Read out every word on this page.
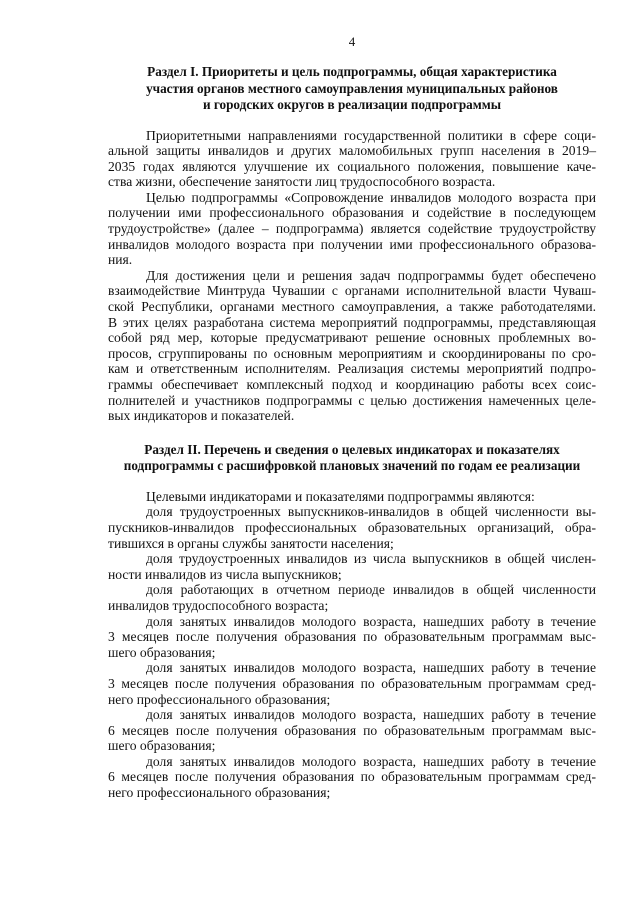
4
Раздел I. Приоритеты и цель подпрограммы, общая характеристика
участия органов местного самоуправления муниципальных районов
и городских округов в реализации подпрограммы

Приоритетными направлениями государственной политики в сфере соци-
альной защиты инвалидов и других маломобильных групп населения в 2019–
2035 годах являются улучшение их социального положения, повышение каче-
ства жизни, обеспечение занятости лиц трудоспособного возраста.

Целью подпрограммы «Сопровождение инвалидов молодого возраста при
получении ими профессионального образования и содействие в последующем
трудоустройстве» (далее – подпрограмма) является содействие трудоустройству
инвалидов молодого возраста при получении ими профессионального образова-
ния.

Для достижения цели и решения задач подпрограммы будет обеспечено
взаимодействие Минтруда Чувашии с органами исполнительной власти Чуваш-
ской Республики, органами местного самоуправления, а также работодателями.
В этих целях разработана система мероприятий подпрограммы, представляющая
собой ряд мер, которые предусматривают решение основных проблемных во-
просов, сгруппированы по основным мероприятиям и скоординированы по сро-
кам и ответственным исполнителям. Реализация системы мероприятий подпро-
граммы обеспечивает комплексный подход и координацию работы всех соис-
полнителей и участников подпрограммы с целью достижения намеченных целе-
вых индикаторов и показателей.

Раздел II. Перечень и сведения о целевых индикаторах и показателях
подпрограммы с расшифровкой плановых значений по годам ее реализации

Целевыми индикаторами и показателями подпрограммы являются:

доля трудоустроенных выпускников-инвалидов в общей численности вы-
пускников-инвалидов профессиональных образовательных организаций, обра-
тившихся в органы службы занятости населения;

доля трудоустроенных инвалидов из числа выпускников в общей числен-
ности инвалидов из числа выпускников;

доля работающих в отчетном периоде инвалидов в общей численности
инвалидов трудоспособного возраста;

доля занятых инвалидов молодого возраста, нашедших работу в течение
3 месяцев после получения образования по образовательным программам выс-
шего образования;

доля занятых инвалидов молодого возраста, нашедших работу в течение
3 месяцев после получения образования по образовательным программам сред-
него профессионального образования;

доля занятых инвалидов молодого возраста, нашедших работу в течение
6 месяцев после получения образования по образовательным программам выс-
шего образования;

доля занятых инвалидов молодого возраста, нашедших работу в течение
6 месяцев после получения образования по образовательным программам сред-
него профессионального образования;
